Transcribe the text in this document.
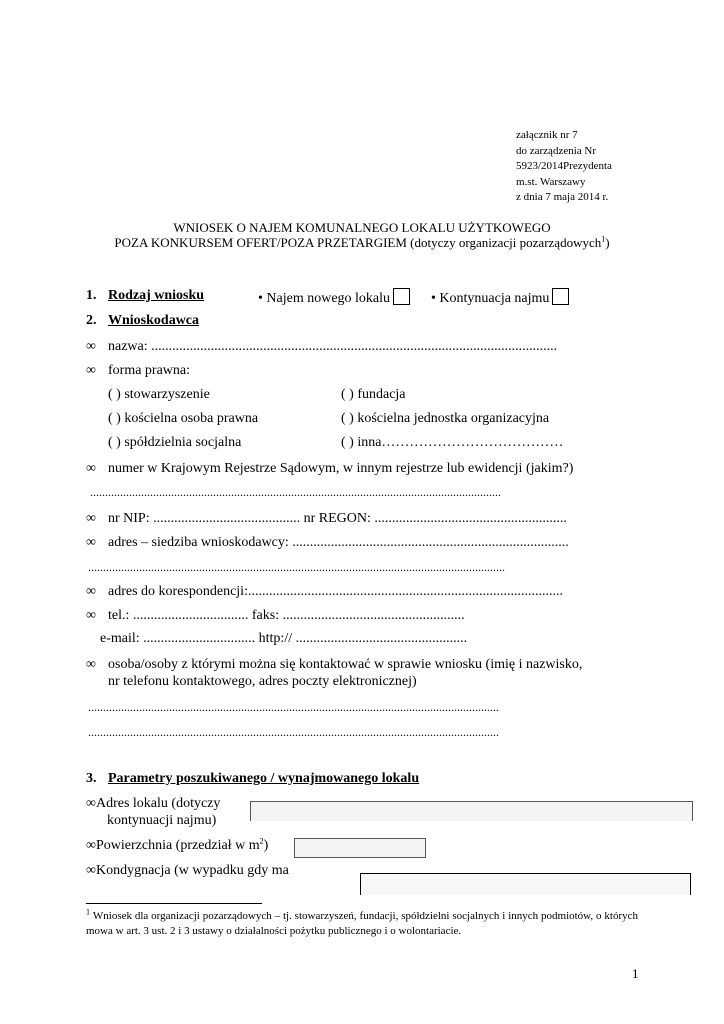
załącznik nr 7
do zarządzenia Nr
5923/2014Prezydenta
m.st. Warszawy
z dnia 7 maja 2014 r.
WNIOSEK O NAJEM KOMUNALNEGO LOKALU UŻYTKOWEGO
POZA KONKURSEM OFERT/POZA PRZETARGIEM (dotyczy organizacji pozarządowych$^1$)
1. Rodzaj wniosku	• Najem nowego lokalu	• Kontynuacja najmu
2. Wnioskodawca
∞ nazwa: ....................................................................................................................
∞ forma prawna:
( ) stowarzyszenie	( ) fundacja
( ) kościelna osoba prawna	( ) kościelna jednostka organizacyjna
( ) spółdzielnia socjalna	( ) inna…………………………………
∞ numer w Krajowym Rejestrze Sądowym, w innym rejestrze lub ewidencji (jakim?)
.........................................................................................................................................
∞ nr NIP: .......................................... nr REGON: .......................................................
∞ adres – siedziba wnioskodawcy: ...............................................................................
...........................................................................................................................................
∞ adres do korespondencji:..........................................................................................
∞ tel.: ................................. faks: ....................................................
e-mail: ................................ http:// .................................................
∞ osoba/osoby z którymi można się kontaktować w sprawie wniosku (imię i nazwisko,
nr telefonu kontaktowego, adres poczty elektronicznej)
.........................................................................................................................................
.........................................................................................................................................
3. Parametry poszukiwanego / wynajmowanego lokalu
∞Adres lokalu (dotyczy
kontynuacji najmu)
∞Powierzchnia (przedział w $m^2$)
∞Kondygnacja (w wypadku gdy ma
$^1$ Wniosek dla organizacji pozarządowych – tj. stowarzyszeń, fundacji, spółdzielni socjalnych i innych podmiotów, o których mowa w art. 3 ust. 2 i 3 ustawy o działalności pożytku publicznego i o wolontariacie.
1
